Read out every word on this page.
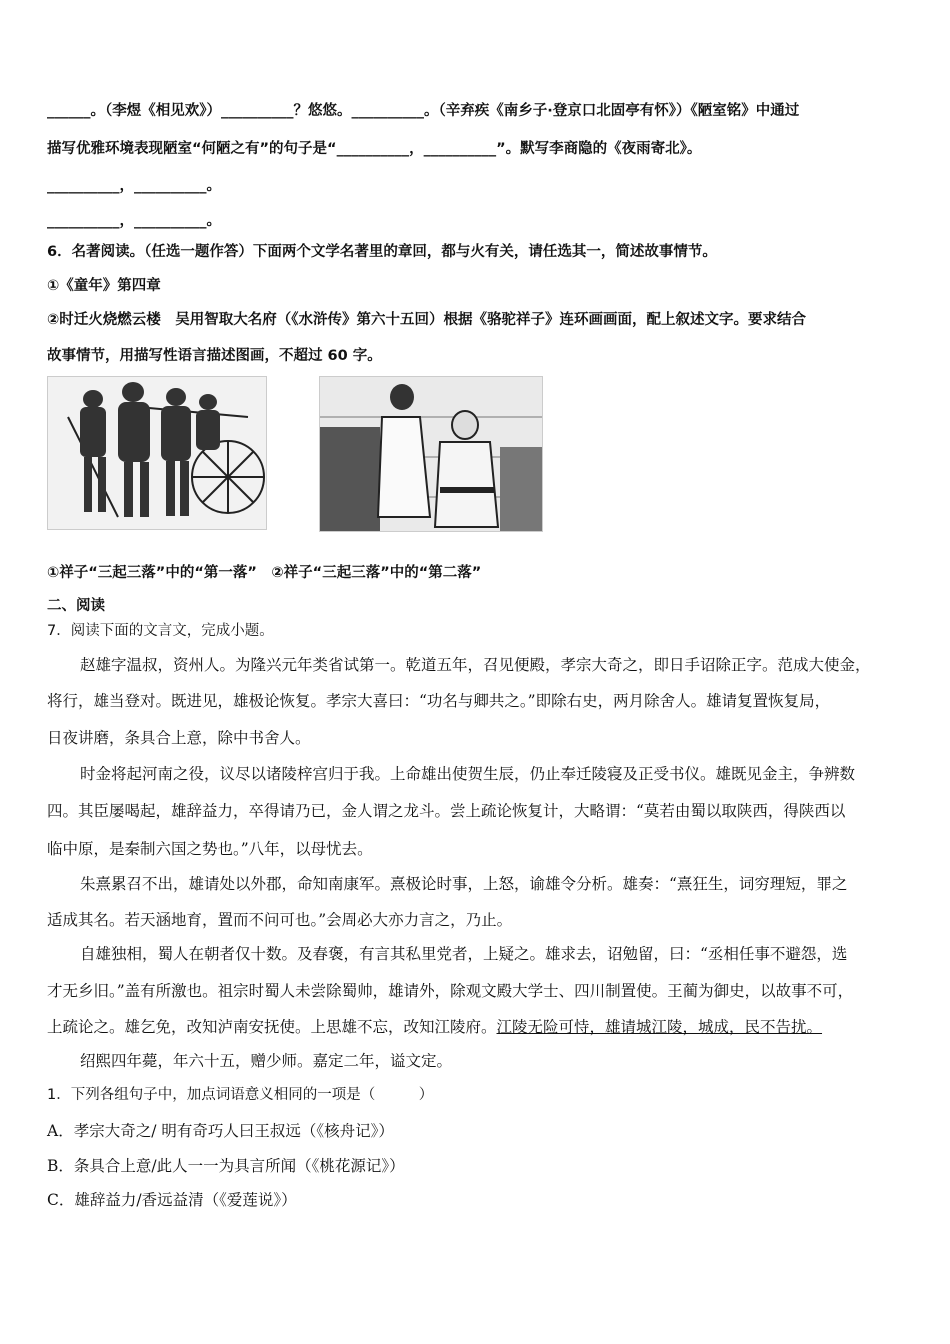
______。（李煜《相见欢》）__________？悠悠。__________。（辛弃疾《南乡子·登京口北固亭有怀》）《陋室铭》中通过
描写优雅环境表现陋室“何陋之有”的句子是“__________，__________”。默写李商隐的《夜雨寄北》。
__________，__________。
__________，__________。
6．名著阅读。（任选一题作答）下面两个文学名著里的章回，都与火有关，请任选其一，简述故事情节。
①《童年》第四章
②时迁火烧燃云楼　吴用智取大名府（《水浒传》第六十五回）根据《骆驼祥子》连环画画面，配上叙述文字。要求结合
故事情节，用描写性语言描述图画，不超过 60 字。
①祥子“三起三落”中的“第一落”　②祥子“三起三落”中的“第二落”
二、阅读
7．阅读下面的文言文，完成小题。
赵雄字温叔，资州人。为隆兴元年类省试第一。乾道五年，召见便殿，孝宗大奇之，即日手诏除正字。范成大使金，
将行，雄当登对。既进见，雄极论恢复。孝宗大喜曰：“功名与卿共之。”即除右史，两月除舍人。雄请复置恢复局，
日夜讲磨，条具合上意，除中书舍人。
时金将起河南之役，议尽以诸陵梓宫归于我。上命雄出使贺生辰，仍止奉迁陵寝及正受书仪。雄既见金主，争辨数
四。其臣屡喝起，雄辞益力，卒得请乃已，金人谓之龙斗。尝上疏论恢复计，大略谓：“莫若由蜀以取陕西，得陕西以
临中原，是秦制六国之势也。”八年，以母忧去。
朱熹累召不出，雄请处以外郡，命知南康军。熹极论时事，上怒，谕雄令分析。雄奏：“熹狂生，词穷理短，罪之
适成其名。若天涵地育，置而不问可也。”会周必大亦力言之，乃止。
自雄独相，蜀人在朝者仅十数。及春褒，有言其私里党者，上疑之。雄求去，诏勉留，曰：“丞相任事不避怨，选
才无乡旧。”盖有所激也。祖宗时蜀人未尝除蜀帅，雄请外，除观文殿大学士、四川制置使。王蔺为御史，以故事不可，
上疏论之。雄乞免，改知泸南安抚使。上思雄不忘，改知江陵府。江陵无险可恃，雄请城江陵，城成，民不告扰。
绍熙四年薨，年六十五，赠少师。嘉定二年，谥文定。
1．下列各组句子中，加点词语意义相同的一项是（　　　）
A．孝宗大奇之/ 明有奇巧人曰王叔远（《核舟记》）
B．条具合上意/此人一一为具言所闻（《桃花源记》）
C．雄辞益力/香远益清（《爱莲说》）
